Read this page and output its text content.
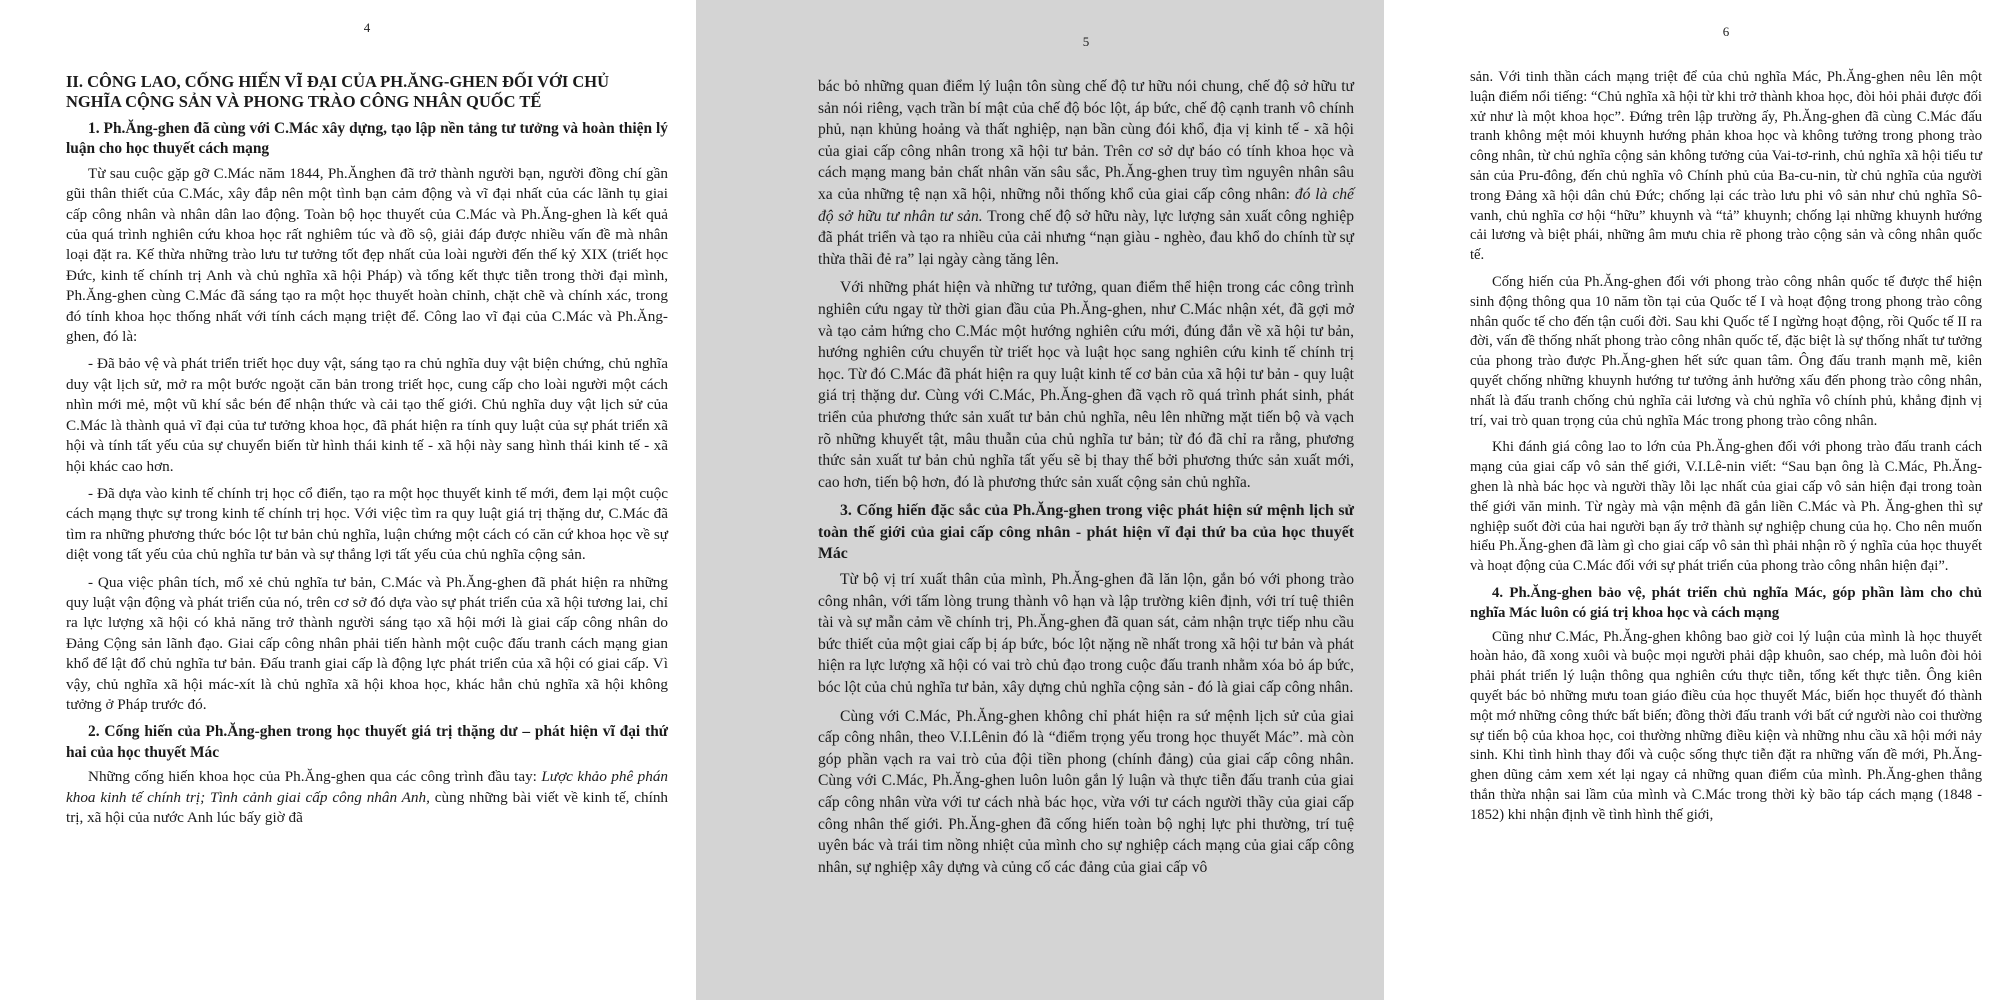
4
II. CÔNG LAO, CỐNG HIẾN VĨ ĐẠI CỦA PH.ĂNG-GHEN ĐỐI VỚI CHỦ NGHĨA CỘNG SẢN VÀ PHONG TRÀO CÔNG NHÂN QUỐC TẾ
1. Ph.Ăng-ghen đã cùng với C.Mác xây dựng, tạo lập nền tảng tư tưởng và hoàn thiện lý luận cho học thuyết cách mạng

Từ sau cuộc gặp gỡ C.Mác năm 1844, Ph.Ănghen đã trở thành người bạn, người đồng chí gần gũi thân thiết của C.Mác, xây đắp nên một tình bạn cảm động và vĩ đại nhất của các lãnh tụ giai cấp công nhân và nhân dân lao động. Toàn bộ học thuyết của C.Mác và Ph.Ăng-ghen là kết quả của quá trình nghiên cứu khoa học rất nghiêm túc và đồ sộ, giải đáp được nhiều vấn đề mà nhân loại đặt ra. Kế thừa những trào lưu tư tưởng tốt đẹp nhất của loài người đến thế kỷ XIX (triết học Đức, kinh tế chính trị Anh và chủ nghĩa xã hội Pháp) và tổng kết thực tiễn trong thời đại mình, Ph.Ăng-ghen cùng C.Mác đã sáng tạo ra một học thuyết hoàn chỉnh, chặt chẽ và chính xác, trong đó tính khoa học thống nhất với tính cách mạng triệt để. Công lao vĩ đại của C.Mác và Ph.Ăng-ghen, đó là:

- Đã bảo vệ và phát triển triết học duy vật, sáng tạo ra chủ nghĩa duy vật biện chứng, chủ nghĩa duy vật lịch sử, mở ra một bước ngoặt căn bản trong triết học, cung cấp cho loài người một cách nhìn mới mẻ, một vũ khí sắc bén để nhận thức và cải tạo thế giới. Chủ nghĩa duy vật lịch sử của C.Mác là thành quả vĩ đại của tư tưởng khoa học, đã phát hiện ra tính quy luật của sự phát triển xã hội và tính tất yếu của sự chuyển biến từ hình thái kinh tế - xã hội này sang hình thái kinh tế - xã hội khác cao hơn.

- Đã dựa vào kinh tế chính trị học cổ điển, tạo ra một học thuyết kinh tế mới, đem lại một cuộc cách mạng thực sự trong kinh tế chính trị học. Với việc tìm ra quy luật giá trị thặng dư, C.Mác đã tìm ra những phương thức bóc lột tư bản chủ nghĩa, luận chứng một cách có căn cứ khoa học về sự diệt vong tất yếu của chủ nghĩa tư bản và sự thắng lợi tất yếu của chủ nghĩa cộng sản.

- Qua việc phân tích, mổ xẻ chủ nghĩa tư bản, C.Mác và Ph.Ăng-ghen đã phát hiện ra những quy luật vận động và phát triển của nó, trên cơ sở đó dựa vào sự phát triển của xã hội tương lai, chỉ ra lực lượng xã hội có khả năng trở thành người sáng tạo xã hội mới là giai cấp công nhân do Đảng Cộng sản lãnh đạo. Giai cấp công nhân phải tiến hành một cuộc đấu tranh cách mạng gian khổ để lật đổ chủ nghĩa tư bản. Đấu tranh giai cấp là động lực phát triển của xã hội có giai cấp. Vì vậy, chủ nghĩa xã hội mác-xít là chủ nghĩa xã hội khoa học, khác hẳn chủ nghĩa xã hội không tưởng ở Pháp trước đó.

2. Cống hiến của Ph.Ăng-ghen trong học thuyết giá trị thặng dư – phát hiện vĩ đại thứ hai của học thuyết Mác

Những cống hiến khoa học của Ph.Ăng-ghen qua các công trình đầu tay: Lược khảo phê phán khoa kinh tế chính trị; Tình cảnh giai cấp công nhân Anh, cùng những bài viết về kinh tế, chính trị, xã hội của nước Anh lúc bấy giờ đã

5

bác bỏ những quan điểm lý luận tôn sùng chế độ tư hữu nói chung, chế độ sở hữu tư sản nói riêng, vạch trần bí mật của chế độ bóc lột, áp bức, chế độ cạnh tranh vô chính phủ, nạn khủng hoảng và thất nghiệp, nạn bần cùng đói khổ, địa vị kinh tế - xã hội của giai cấp công nhân trong xã hội tư bản. Trên cơ sở dự báo có tính khoa học và cách mạng mang bản chất nhân văn sâu sắc, Ph.Ăng-ghen truy tìm nguyên nhân sâu xa của những tệ nạn xã hội, những nỗi thống khổ của giai cấp công nhân: đó là chế độ sở hữu tư nhân tư sản. Trong chế độ sở hữu này, lực lượng sản xuất công nghiệp đã phát triển và tạo ra nhiều của cải nhưng “nạn giàu - nghèo, đau khổ do chính từ sự thừa thãi đẻ ra” lại ngày càng tăng lên.

Với những phát hiện và những tư tưởng, quan điểm thể hiện trong các công trình nghiên cứu ngay từ thời gian đầu của Ph.Ăng-ghen, như C.Mác nhận xét, đã gợi mở và tạo cảm hứng cho C.Mác một hướng nghiên cứu mới, đúng đắn về xã hội tư bản, hướng nghiên cứu chuyển từ triết học và luật học sang nghiên cứu kinh tế chính trị học. Từ đó C.Mác đã phát hiện ra quy luật kinh tế cơ bản của xã hội tư bản - quy luật giá trị thặng dư. Cùng với C.Mác, Ph.Ăng-ghen đã vạch rõ quá trình phát sinh, phát triển của phương thức sản xuất tư bản chủ nghĩa, nêu lên những mặt tiến bộ và vạch rõ những khuyết tật, mâu thuẫn của chủ nghĩa tư bản; từ đó đã chỉ ra rằng, phương thức sản xuất tư bản chủ nghĩa tất yếu sẽ bị thay thế bởi phương thức sản xuất mới, cao hơn, tiến bộ hơn, đó là phương thức sản xuất cộng sản chủ nghĩa.

3. Cống hiến đặc sắc của Ph.Ăng-ghen trong việc phát hiện sứ mệnh lịch sử toàn thế giới của giai cấp công nhân - phát hiện vĩ đại thứ ba của học thuyết Mác

Từ bộ vị trí xuất thân của mình, Ph.Ăng-ghen đã lăn lộn, gắn bó với phong trào công nhân, với tấm lòng trung thành vô hạn và lập trường kiên định, với trí tuệ thiên tài và sự mẫn cảm về chính trị, Ph.Ăng-ghen đã quan sát, cảm nhận trực tiếp nhu cầu bức thiết của một giai cấp bị áp bức, bóc lột nặng nề nhất trong xã hội tư bản và phát hiện ra lực lượng xã hội có vai trò chủ đạo trong cuộc đấu tranh nhằm xóa bỏ áp bức, bóc lột của chủ nghĩa tư bản, xây dựng chủ nghĩa cộng sản - đó là giai cấp công nhân.

Cùng với C.Mác, Ph.Ăng-ghen không chỉ phát hiện ra sứ mệnh lịch sử của giai cấp công nhân, theo V.I.Lênin đó là “điểm trọng yếu trong học thuyết Mác”. mà còn góp phần vạch ra vai trò của đội tiền phong (chính đảng) của giai cấp công nhân. Cùng với C.Mác, Ph.Ăng-ghen luôn luôn gắn lý luận và thực tiễn đấu tranh của giai cấp công nhân vừa với tư cách nhà bác học, vừa với tư cách người thầy của giai cấp công nhân thế giới. Ph.Ăng-ghen đã cống hiến toàn bộ nghị lực phi thường, trí tuệ uyên bác và trái tim nồng nhiệt của mình cho sự nghiệp cách mạng của giai cấp công nhân, sự nghiệp xây dựng và củng cố các đảng của giai cấp vô

6

sản. Với tinh thần cách mạng triệt để của chủ nghĩa Mác, Ph.Ăng-ghen nêu lên một luận điểm nổi tiếng: “Chủ nghĩa xã hội từ khi trở thành khoa học, đòi hỏi phải được đối xử như là một khoa học”. Đứng trên lập trường ấy, Ph.Ăng-ghen đã cùng C.Mác đấu tranh không mệt mỏi khuynh hướng phản khoa học và không tưởng trong phong trào công nhân, từ chủ nghĩa cộng sản không tưởng của Vai-tơ-rinh, chủ nghĩa xã hội tiểu tư sản của Pru-đông, đến chủ nghĩa vô Chính phủ của Ba-cu-nin, từ chủ nghĩa của người trong Đảng xã hội dân chủ Đức; chống lại các trào lưu phi vô sản như chủ nghĩa Sô-vanh, chủ nghĩa cơ hội “hữu” khuynh và “tả” khuynh; chống lại những khuynh hướng cải lương và biệt phái, những âm mưu chia rẽ phong trào cộng sản và công nhân quốc tế.

Cống hiến của Ph.Ăng-ghen đối với phong trào công nhân quốc tế được thể hiện sinh động thông qua 10 năm tồn tại của Quốc tế I và hoạt động trong phong trào công nhân quốc tế cho đến tận cuối đời. Sau khi Quốc tế I ngừng hoạt động, rồi Quốc tế II ra đời, vấn đề thống nhất phong trào công nhân quốc tế, đặc biệt là sự thống nhất tư tưởng của phong trào được Ph.Ăng-ghen hết sức quan tâm. Ông đấu tranh mạnh mẽ, kiên quyết chống những khuynh hướng tư tưởng ảnh hưởng xấu đến phong trào công nhân, nhất là đấu tranh chống chủ nghĩa cải lương và chủ nghĩa vô chính phủ, khẳng định vị trí, vai trò quan trọng của chủ nghĩa Mác trong phong trào công nhân.

Khi đánh giá công lao to lớn của Ph.Ăng-ghen đối với phong trào đấu tranh cách mạng của giai cấp vô sản thế giới, V.I.Lê-nin viết: “Sau bạn ông là C.Mác, Ph.Ăng-ghen là nhà bác học và người thầy lỗi lạc nhất của giai cấp vô sản hiện đại trong toàn thế giới văn minh. Từ ngày mà vận mệnh đã gắn liền C.Mác và Ph. Ăng-ghen thì sự nghiệp suốt đời của hai người bạn ấy trở thành sự nghiệp chung của họ. Cho nên muốn hiểu Ph.Ăng-ghen đã làm gì cho giai cấp vô sản thì phải nhận rõ ý nghĩa của học thuyết và hoạt động của C.Mác đối với sự phát triển của phong trào công nhân hiện đại”.

4. Ph.Ăng-ghen bảo vệ, phát triển chủ nghĩa Mác, góp phần làm cho chủ nghĩa Mác luôn có giá trị khoa học và cách mạng

Cũng như C.Mác, Ph.Ăng-ghen không bao giờ coi lý luận của mình là học thuyết hoàn hảo, đã xong xuôi và buộc mọi người phải dập khuôn, sao chép, mà luôn đòi hỏi phải phát triển lý luận thông qua nghiên cứu thực tiễn, tổng kết thực tiễn. Ông kiên quyết bác bỏ những mưu toan giáo điều của học thuyết Mác, biến học thuyết đó thành một mớ những công thức bất biến; đồng thời đấu tranh với bất cứ người nào coi thường sự tiến bộ của khoa học, coi thường những điều kiện và những nhu cầu xã hội mới nảy sinh. Khi tình hình thay đổi và cuộc sống thực tiễn đặt ra những vấn đề mới, Ph.Ăng-ghen dũng cảm xem xét lại ngay cả những quan điểm của mình. Ph.Ăng-ghen thẳng thắn thừa nhận sai lầm của mình và C.Mác trong thời kỳ bão táp cách mạng (1848 - 1852) khi nhận định về tình hình thế giới,
